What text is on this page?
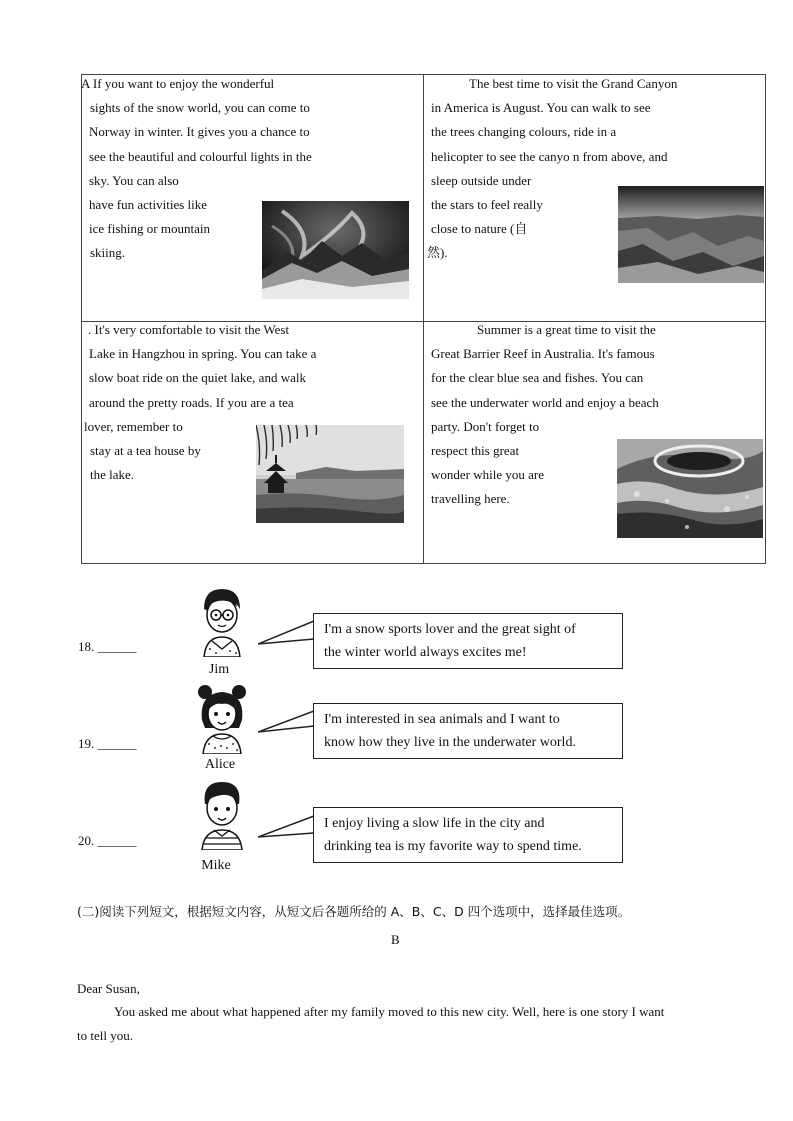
A If you want to enjoy the wonderful
sights of the snow world, you can come to
Norway in winter. It gives you a chance to
see the beautiful and colourful lights in the
sky. You can also
have fun activities like
ice fishing or mountain
skiing.
The best time to visit the Grand Canyon
in America is August. You can walk to see
the trees changing colours, ride in a
helicopter to see the canyo n from above, and
sleep outside under
the stars to feel really
close to nature (自
然).
. It's very comfortable to visit the West
Lake in Hangzhou in spring. You can take a
slow boat ride on the quiet lake, and walk
around the pretty roads. If you are a tea
lover, remember to
stay at a tea house by
the lake.
Summer is a great time to visit the
Great Barrier Reef in Australia. It's famous
for the clear blue sea and fishes. You can
see the underwater world and enjoy a beach
party. Don't forget to
respect this great
wonder while you are
travelling here.
18. ______
Jim
I'm a snow sports lover and the great sight of
the winter world always excites me!
19. ______
Alice
I'm interested in sea animals and I want to
know how they live in the underwater world.
20. ______
Mike
I enjoy living a slow life in the city and
drinking tea is my favorite way to spend time.
(二)阅读下列短文，根据短文内容，从短文后各题所给的 A、B、C、D 四个选项中，选择最佳选项。
B
Dear Susan,
You asked me about what happened after my family moved to this new city. Well, here is one story I want
to tell you.
